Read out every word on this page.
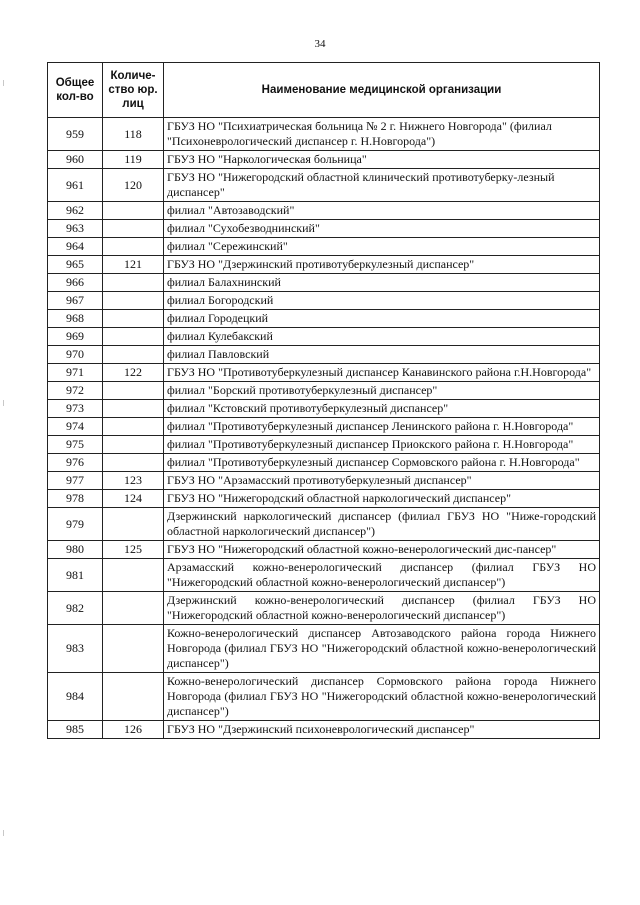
34
Общее кол-во	Количе-ство юр. лиц	Наименование медицинской организации
959	118	ГБУЗ НО "Психиатрическая больница № 2 г. Нижнего Новгорода" (филиал "Психоневрологический диспансер г. Н.Новгорода")
960	119	ГБУЗ НО "Наркологическая больница"
961	120	ГБУЗ НО "Нижегородский областной клинический противотуберку-лезный диспансер"
962		филиал "Автозаводский"
963		филиал "Сухобезводнинский"
964		филиал "Сережинский"
965	121	ГБУЗ НО "Дзержинский противотуберкулезный диспансер"
966		филиал Балахнинский
967		филиал Богородский
968		филиал Городецкий
969		филиал Кулебакский
970		филиал Павловский
971	122	ГБУЗ НО "Противотуберкулезный диспансер Канавинского района г.Н.Новгорода"
972		филиал "Борский противотуберкулезный диспансер"
973		филиал "Кстовский противотуберкулезный диспансер"
974		филиал "Противотуберкулезный диспансер Ленинского района г. Н.Новгорода"
975		филиал "Противотуберкулезный диспансер Приокского района г. Н.Новгорода"
976		филиал "Противотуберкулезный диспансер Сормовского района г. Н.Новгорода"
977	123	ГБУЗ НО "Арзамасский противотуберкулезный диспансер"
978	124	ГБУЗ НО "Нижегородский областной наркологический диспансер"
979		Дзержинский наркологический диспансер (филиал ГБУЗ НО "Ниже-городский областной наркологический диспансер")
980	125	ГБУЗ НО "Нижегородский областной кожно-венерологический дис-пансер"
981		Арзамасский кожно-венерологический диспансер (филиал ГБУЗ НО "Нижегородский областной кожно-венерологический диспансер")
982		Дзержинский кожно-венерологический диспансер (филиал ГБУЗ НО "Нижегородский областной кожно-венерологический диспансер")
983		Кожно-венерологический диспансер Автозаводского района города Нижнего Новгорода (филиал ГБУЗ НО "Нижегородский областной кожно-венерологический диспансер")
984		Кожно-венерологический диспансер Сормовского района города Нижнего Новгорода (филиал ГБУЗ НО "Нижегородский областной кожно-венерологический диспансер")
985	126	ГБУЗ НО "Дзержинский психоневрологический диспансер"
